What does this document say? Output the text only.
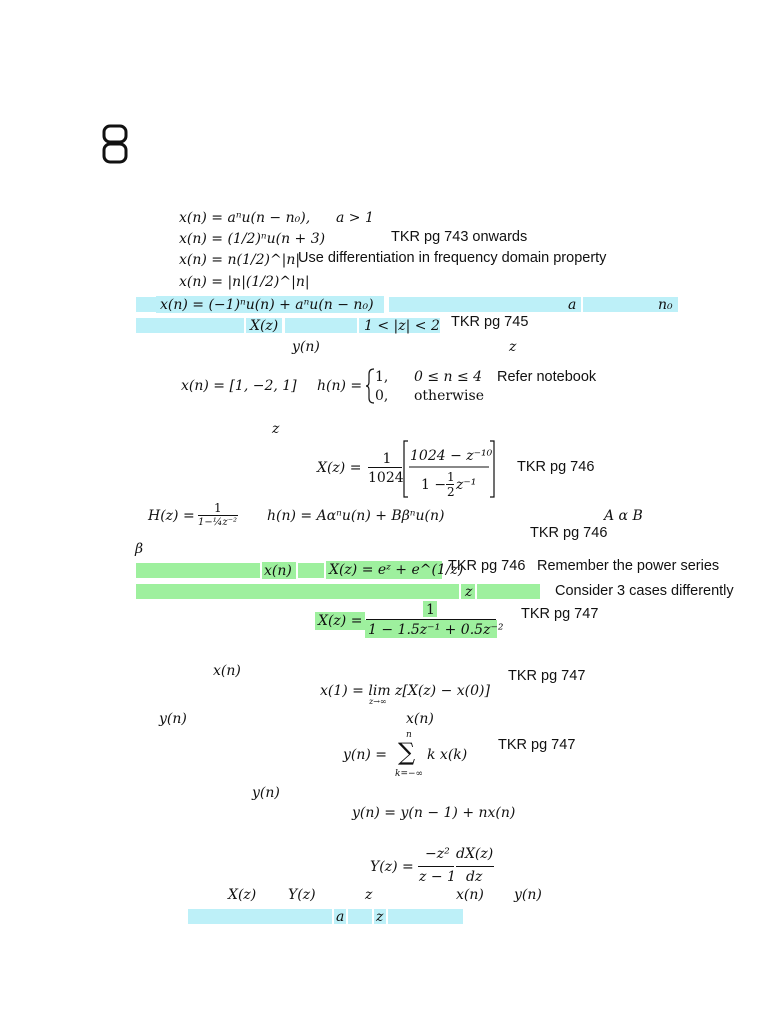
x(n) = aⁿu(n − n₀), a > 1
x(n) = (1/2)ⁿu(n + 3)	TKR pg 743 onwards
x(n) = n(1/2)^|n|
Use differentiation in frequency domain property
x(n) = |n|(1/2)^|n|
x(n) = (−1)ⁿu(n) + aⁿu(n − n₀)	a	n₀
X(z)	1 < |z| < 2 TKR pg 745
y(n)	z
x(n) = [1, −2, 1] h(n) =
1, 0 ≤ n ≤ 4
0, otherwise
Refer notebook
z
X(z) =
1
1024
1024 − z⁻¹⁰
1 − 1
2 z⁻¹
TKR pg 746
H(z) = 1
1−¼z⁻² h(n) = Aαⁿu(n) + Bβⁿu(n)	A α B
TKR pg 746
β
x(n)	X(z) = eᶻ + e^(1/z)
TKR pg 746 Remember the power series
z	Consider 3 cases differently
X(z) =
1
1 − 1.5z⁻¹ + 0.5z⁻²
TKR pg 747
x(n)	TKR pg 747
x(1) = lim z[X(z) − x(0)]
z→∞
y(n)	x(n)
y(n) =
n
∑
k=−∞
k x(k)
TKR pg 747
y(n)
y(n) = y(n − 1) + nx(n)
Y(z) =
−z²
z − 1
dX(z)
dz
X(z) Y(z)	z	x(n) y(n)
a z
